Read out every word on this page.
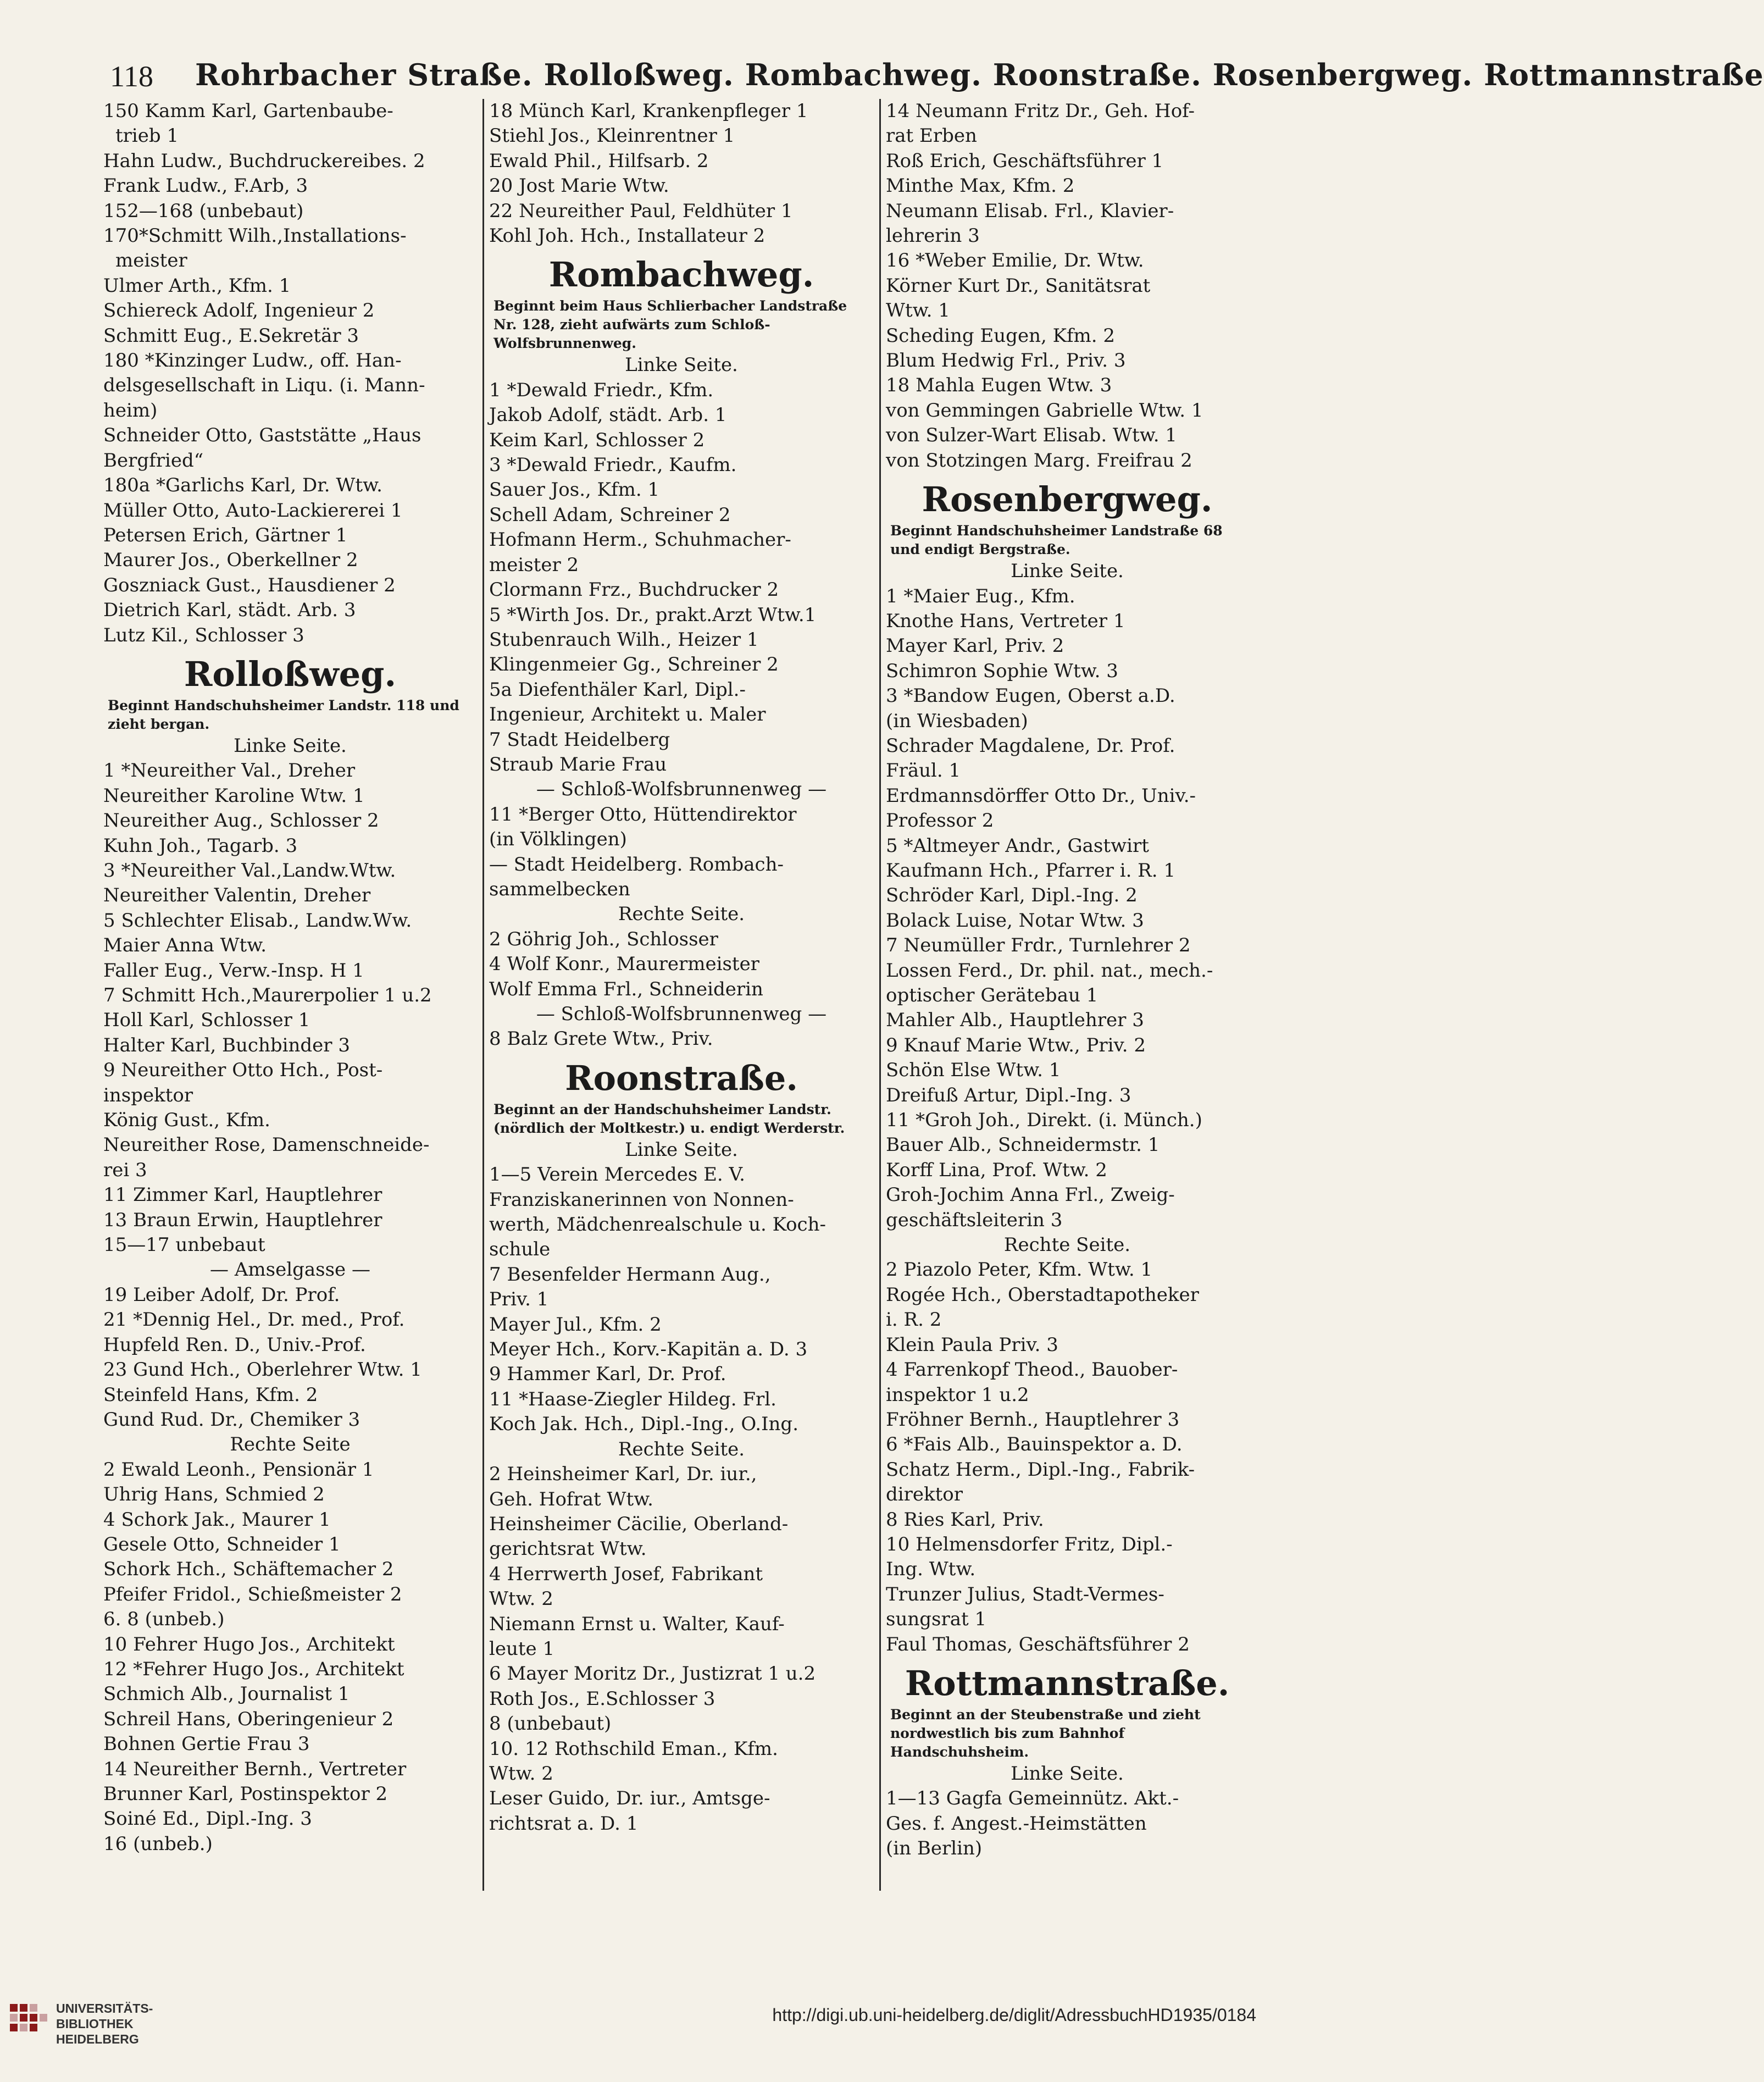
118 Rohrbacher Straße. Rolloßweg. Rombachweg. Roonstraße. Rosenbergweg. Rottmannstraße
150 Kamm Karl, Gartenbaube-
trieb 1
Hahn Ludw., Buchdruckereibes. 2
Frank Ludw., F.Arb, 3
152—168 (unbebaut)
170*Schmitt Wilh.,Installations-
meister
Ulmer Arth., Kfm. 1
Schiereck Adolf, Ingenieur 2
Schmitt Eug., E.Sekretär 3
180 *Kinzinger Ludw., off. Han-
delsgesellschaft in Liqu. (i. Mann-
heim)
Schneider Otto, Gaststätte „Haus
Bergfried“
180a *Garlichs Karl, Dr. Wtw.
Müller Otto, Auto-Lackiererei 1
Petersen Erich, Gärtner 1
Maurer Jos., Oberkellner 2
Goszniack Gust., Hausdiener 2
Dietrich Karl, städt. Arb. 3
Lutz Kil., Schlosser 3
Rolloßweg.
Beginnt Handschuhsheimer Landstr. 118 und zieht bergan.
Linke Seite.
1 *Neureither Val., Dreher
Neureither Karoline Wtw. 1
Neureither Aug., Schlosser 2
Kuhn Joh., Tagarb. 3
3 *Neureither Val.,Landw.Wtw.
Neureither Valentin, Dreher
5 Schlechter Elisab., Landw.Ww.
Maier Anna Wtw.
Faller Eug., Verw.-Insp. H 1
7 Schmitt Hch.,Maurerpolier 1 u.2
Holl Karl, Schlosser 1
Halter Karl, Buchbinder 3
9 Neureither Otto Hch., Post-
inspektor
König Gust., Kfm.
Neureither Rose, Damenschneide-
rei 3
11 Zimmer Karl, Hauptlehrer
13 Braun Erwin, Hauptlehrer
15—17 unbebaut
— Amselgasse —
19 Leiber Adolf, Dr. Prof.
21 *Dennig Hel., Dr. med., Prof.
Hupfeld Ren. D., Univ.-Prof.
23 Gund Hch., Oberlehrer Wtw. 1
Steinfeld Hans, Kfm. 2
Gund Rud. Dr., Chemiker 3
Rechte Seite
2 Ewald Leonh., Pensionär 1
Uhrig Hans, Schmied 2
4 Schork Jak., Maurer 1
Gesele Otto, Schneider 1
Schork Hch., Schäftemacher 2
Pfeifer Fridol., Schießmeister 2
6. 8 (unbeb.)
10 Fehrer Hugo Jos., Architekt
12 *Fehrer Hugo Jos., Architekt
Schmich Alb., Journalist 1
Schreil Hans, Oberingenieur 2
Bohnen Gertie Frau 3
14 Neureither Bernh., Vertreter
Brunner Karl, Postinspektor 2
Soiné Ed., Dipl.-Ing. 3
16 (unbeb.)
18 Münch Karl, Krankenpfleger 1
Stiehl Jos., Kleinrentner 1
Ewald Phil., Hilfsarb. 2
20 Jost Marie Wtw.
22 Neureither Paul, Feldhüter 1
Kohl Joh. Hch., Installateur 2
Rombachweg.
Beginnt beim Haus Schlierbacher Landstraße Nr. 128, zieht aufwärts zum Schloß-Wolfsbrunnenweg.
Linke Seite.
1 *Dewald Friedr., Kfm.
Jakob Adolf, städt. Arb. 1
Keim Karl, Schlosser 2
3 *Dewald Friedr., Kaufm.
Sauer Jos., Kfm. 1
Schell Adam, Schreiner 2
Hofmann Herm., Schuhmacher-
meister 2
Clormann Frz., Buchdrucker 2
5 *Wirth Jos. Dr., prakt.Arzt Wtw.1
Stubenrauch Wilh., Heizer 1
Klingenmeier Gg., Schreiner 2
5a Diefenthäler Karl, Dipl.-
Ingenieur, Architekt u. Maler
7 Stadt Heidelberg
Straub Marie Frau
— Schloß-Wolfsbrunnenweg —
11 *Berger Otto, Hüttendirektor
(in Völklingen)
— Stadt Heidelberg. Rombach-
sammelbecken
Rechte Seite.
2 Göhrig Joh., Schlosser
4 Wolf Konr., Maurermeister
Wolf Emma Frl., Schneiderin
— Schloß-Wolfsbrunnenweg —
8 Balz Grete Wtw., Priv.
Roonstraße.
Beginnt an der Handschuhsheimer Landstr. (nördlich der Moltkestr.) u. endigt Werderstr.
Linke Seite.
1—5 Verein Mercedes E. V.
Franziskanerinnen von Nonnen-
werth, Mädchenrealschule u. Koch-
schule
7 Besenfelder Hermann Aug.,
Priv. 1
Mayer Jul., Kfm. 2
Meyer Hch., Korv.-Kapitän a. D. 3
9 Hammer Karl, Dr. Prof.
11 *Haase-Ziegler Hildeg. Frl.
Koch Jak. Hch., Dipl.-Ing., O.Ing.
Rechte Seite.
2 Heinsheimer Karl, Dr. iur.,
Geh. Hofrat Wtw.
Heinsheimer Cäcilie, Oberland-
gerichtsrat Wtw.
4 Herrwerth Josef, Fabrikant
Wtw. 2
Niemann Ernst u. Walter, Kauf-
leute 1
6 Mayer Moritz Dr., Justizrat 1 u.2
Roth Jos., E.Schlosser 3
8 (unbebaut)
10. 12 Rothschild Eman., Kfm.
Wtw. 2
Leser Guido, Dr. iur., Amtsge-
richtsrat a. D. 1
14 Neumann Fritz Dr., Geh. Hof-
rat Erben
Roß Erich, Geschäftsführer 1
Minthe Max, Kfm. 2
Neumann Elisab. Frl., Klavier-
lehrerin 3
16 *Weber Emilie, Dr. Wtw.
Körner Kurt Dr., Sanitätsrat
Wtw. 1
Scheding Eugen, Kfm. 2
Blum Hedwig Frl., Priv. 3
18 Mahla Eugen Wtw. 3
von Gemmingen Gabrielle Wtw. 1
von Sulzer-Wart Elisab. Wtw. 1
von Stotzingen Marg. Freifrau 2
Rosenbergweg.
Beginnt Handschuhsheimer Landstraße 68 und endigt Bergstraße.
Linke Seite.
1 *Maier Eug., Kfm.
Knothe Hans, Vertreter 1
Mayer Karl, Priv. 2
Schimron Sophie Wtw. 3
3 *Bandow Eugen, Oberst a.D.
(in Wiesbaden)
Schrader Magdalene, Dr. Prof.
Fräul. 1
Erdmannsdörffer Otto Dr., Univ.-
Professor 2
5 *Altmeyer Andr., Gastwirt
Kaufmann Hch., Pfarrer i. R. 1
Schröder Karl, Dipl.-Ing. 2
Bolack Luise, Notar Wtw. 3
7 Neumüller Frdr., Turnlehrer 2
Lossen Ferd., Dr. phil. nat., mech.-
optischer Gerätebau 1
Mahler Alb., Hauptlehrer 3
9 Knauf Marie Wtw., Priv. 2
Schön Else Wtw. 1
Dreifuß Artur, Dipl.-Ing. 3
11 *Groh Joh., Direkt. (i. Münch.)
Bauer Alb., Schneidermstr. 1
Korff Lina, Prof. Wtw. 2
Groh-Jochim Anna Frl., Zweig-
geschäftsleiterin 3
Rechte Seite.
2 Piazolo Peter, Kfm. Wtw. 1
Rogée Hch., Oberstadtapotheker
i. R. 2
Klein Paula Priv. 3
4 Farrenkopf Theod., Bauober-
inspektor 1 u.2
Fröhner Bernh., Hauptlehrer 3
6 *Fais Alb., Bauinspektor a. D.
Schatz Herm., Dipl.-Ing., Fabrik-
direktor
8 Ries Karl, Priv.
10 Helmensdorfer Fritz, Dipl.-
Ing. Wtw.
Trunzer Julius, Stadt-Vermes-
sungsrat 1
Faul Thomas, Geschäftsführer 2
Rottmannstraße.
Beginnt an der Steubenstraße und zieht nordwestlich bis zum Bahnhof Handschuhsheim.
Linke Seite.
1—13 Gagfa Gemeinnütz. Akt.-
Ges. f. Angest.-Heimstätten
(in Berlin)
UNIVERSITÄTS-
BIBLIOTHEK
HEIDELBERG
http://digi.ub.uni-heidelberg.de/diglit/AdressbuchHD1935/0184
